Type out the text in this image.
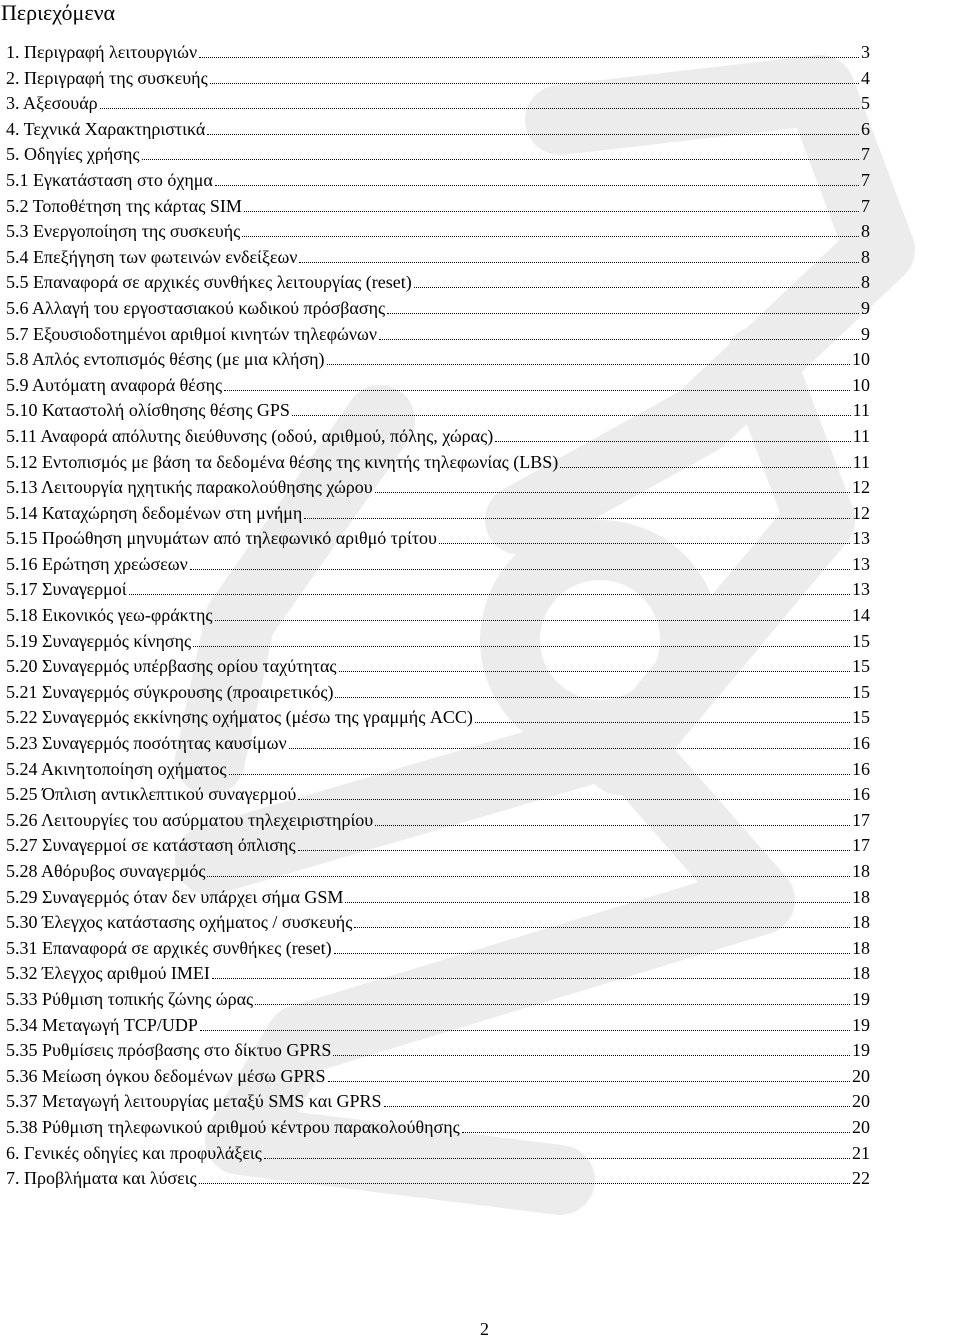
Περιεχόμενα
1. Περιγραφή λειτουργιών	3
2. Περιγραφή της συσκευής	4
3. Αξεσουάρ	5
4. Τεχνικά Χαρακτηριστικά	6
5. Οδηγίες χρήσης	7
5.1 Εγκατάσταση στο όχημα	7
5.2 Τοποθέτηση της κάρτας SIM	7
5.3 Ενεργοποίηση της συσκευής	8
5.4 Επεξήγηση των φωτεινών ενδείξεων	8
5.5 Επαναφορά σε αρχικές συνθήκες λειτουργίας (reset)	8
5.6 Αλλαγή του εργοστασιακού κωδικού πρόσβασης	9
5.7 Εξουσιοδοτημένοι αριθμοί κινητών τηλεφώνων	9
5.8 Απλός εντοπισμός θέσης (με μια κλήση)	10
5.9 Αυτόματη αναφορά θέσης	10
5.10 Καταστολή ολίσθησης θέσης GPS	11
5.11 Αναφορά απόλυτης διεύθυνσης (οδού, αριθμού, πόλης, χώρας)	11
5.12 Εντοπισμός με βάση τα δεδομένα θέσης της κινητής τηλεφωνίας (LBS)	11
5.13 Λειτουργία ηχητικής παρακολούθησης χώρου	12
5.14 Καταχώρηση δεδομένων στη μνήμη	12
5.15 Προώθηση μηνυμάτων από τηλεφωνικό αριθμό τρίτου	13
5.16 Ερώτηση χρεώσεων	13
5.17 Συναγερμοί	13
5.18 Εικονικός γεω-φράκτης	14
5.19 Συναγερμός κίνησης	15
5.20 Συναγερμός υπέρβασης ορίου ταχύτητας	15
5.21 Συναγερμός σύγκρουσης (προαιρετικός)	15
5.22 Συναγερμός εκκίνησης οχήματος (μέσω της γραμμής ACC)	15
5.23 Συναγερμός ποσότητας καυσίμων	16
5.24 Ακινητοποίηση οχήματος	16
5.25 Όπλιση αντικλεπτικού συναγερμού	16
5.26 Λειτουργίες του ασύρματου τηλεχειριστηρίου	17
5.27 Συναγερμοί σε κατάσταση όπλισης	17
5.28 Αθόρυβος συναγερμός	18
5.29 Συναγερμός όταν δεν υπάρχει σήμα GSM	18
5.30 Έλεγχος κατάστασης οχήματος / συσκευής	18
5.31 Επαναφορά σε αρχικές συνθήκες (reset)	18
5.32 Έλεγχος αριθμού IMEI	18
5.33 Ρύθμιση τοπικής ζώνης ώρας	19
5.34 Μεταγωγή TCP/UDP	19
5.35 Ρυθμίσεις πρόσβασης στο δίκτυο GPRS	19
5.36 Μείωση όγκου δεδομένων μέσω GPRS	20
5.37 Μεταγωγή λειτουργίας μεταξύ SMS και GPRS	20
5.38 Ρύθμιση τηλεφωνικού αριθμού κέντρου παρακολούθησης	20
6. Γενικές οδηγίες και προφυλάξεις	21
7. Προβλήματα και λύσεις	22
2
